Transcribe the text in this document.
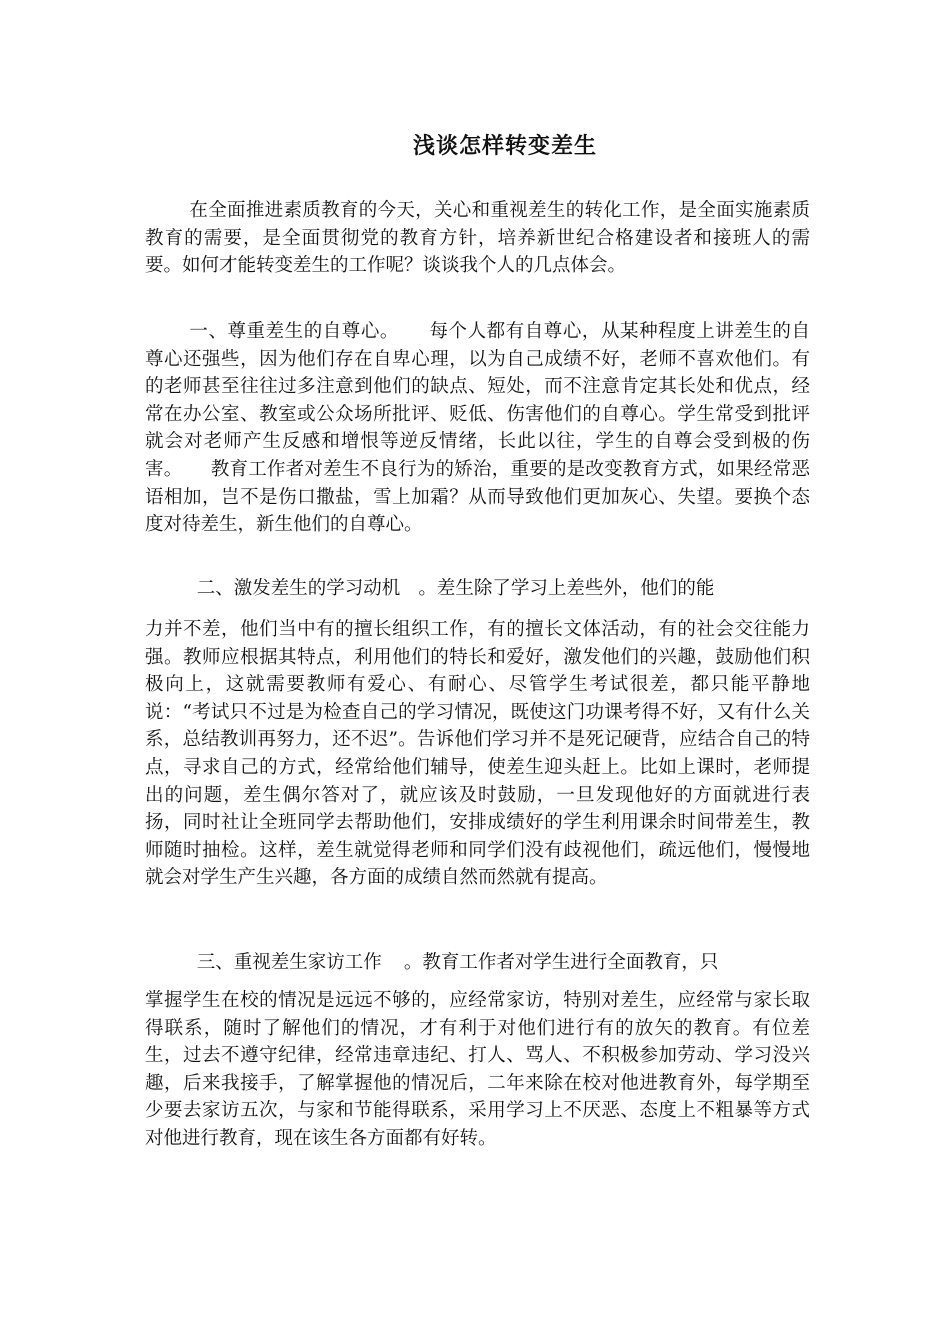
浅谈怎样转变差生

在全面推进素质教育的今天，关心和重视差生的转化工作，是全面实施素质教育的需要，是全面贯彻党的教育方针，培养新世纪合格建设者和接班人的需要。如何才能转变差生的工作呢？谈谈我个人的几点体会。

一、尊重差生的自尊心。 每个人都有自尊心，从某种程度上讲差生的自尊心还强些，因为他们存在自卑心理，以为自己成绩不好，老师不喜欢他们。有的老师甚至往往过多注意到他们的缺点、短处，而不注意肯定其长处和优点，经常在办公室、教室或公众场所批评、贬低、伤害他们的自尊心。学生常受到批评就会对老师产生反感和增恨等逆反情绪，长此以往，学生的自尊会受到极的伤害。 教育工作者对差生不良行为的矫治，重要的是改变教育方式，如果经常恶语相加，岂不是伤口撒盐，雪上加霜？从而导致他们更加灰心、失望。要换个态度对待差生，新生他们的自尊心。

二、激发差生的学习动机 。差生除了学习上差些外，他们的能

力并不差，他们当中有的擅长组织工作，有的擅长文体活动，有的社会交往能力强。教师应根据其特点，利用他们的特长和爱好，激发他们的兴趣，鼓励他们积极向上，这就需要教师有爱心、有耐心、尽管学生考试很差，都只能平静地说：“考试只不过是为检查自己的学习情况，既使这门功课考得不好，又有什么关系，总结教训再努力，还不迟”。告诉他们学习并不是死记硬背，应结合自己的特点，寻求自己的方式，经常给他们辅导，使差生迎头赶上。比如上课时，老师提出的问题，差生偶尔答对了，就应该及时鼓励，一旦发现他好的方面就进行表扬，同时社让全班同学去帮助他们，安排成绩好的学生利用课余时间带差生，教师随时抽检。这样，差生就觉得老师和同学们没有歧视他们，疏远他们，慢慢地就会对学生产生兴趣，各方面的成绩自然而然就有提高。

三、重视差生家访工作 。教育工作者对学生进行全面教育，只

掌握学生在校的情况是远远不够的，应经常家访，特别对差生，应经常与家长取得联系，随时了解他们的情况，才有利于对他们进行有的放矢的教育。有位差生，过去不遵守纪律，经常违章违纪、打人、骂人、不积极参加劳动、学习没兴趣，后来我接手，了解掌握他的情况后，二年来除在校对他进教育外，每学期至少要去家访五次，与家和节能得联系，采用学习上不厌恶、态度上不粗暴等方式对他进行教育，现在该生各方面都有好转。
